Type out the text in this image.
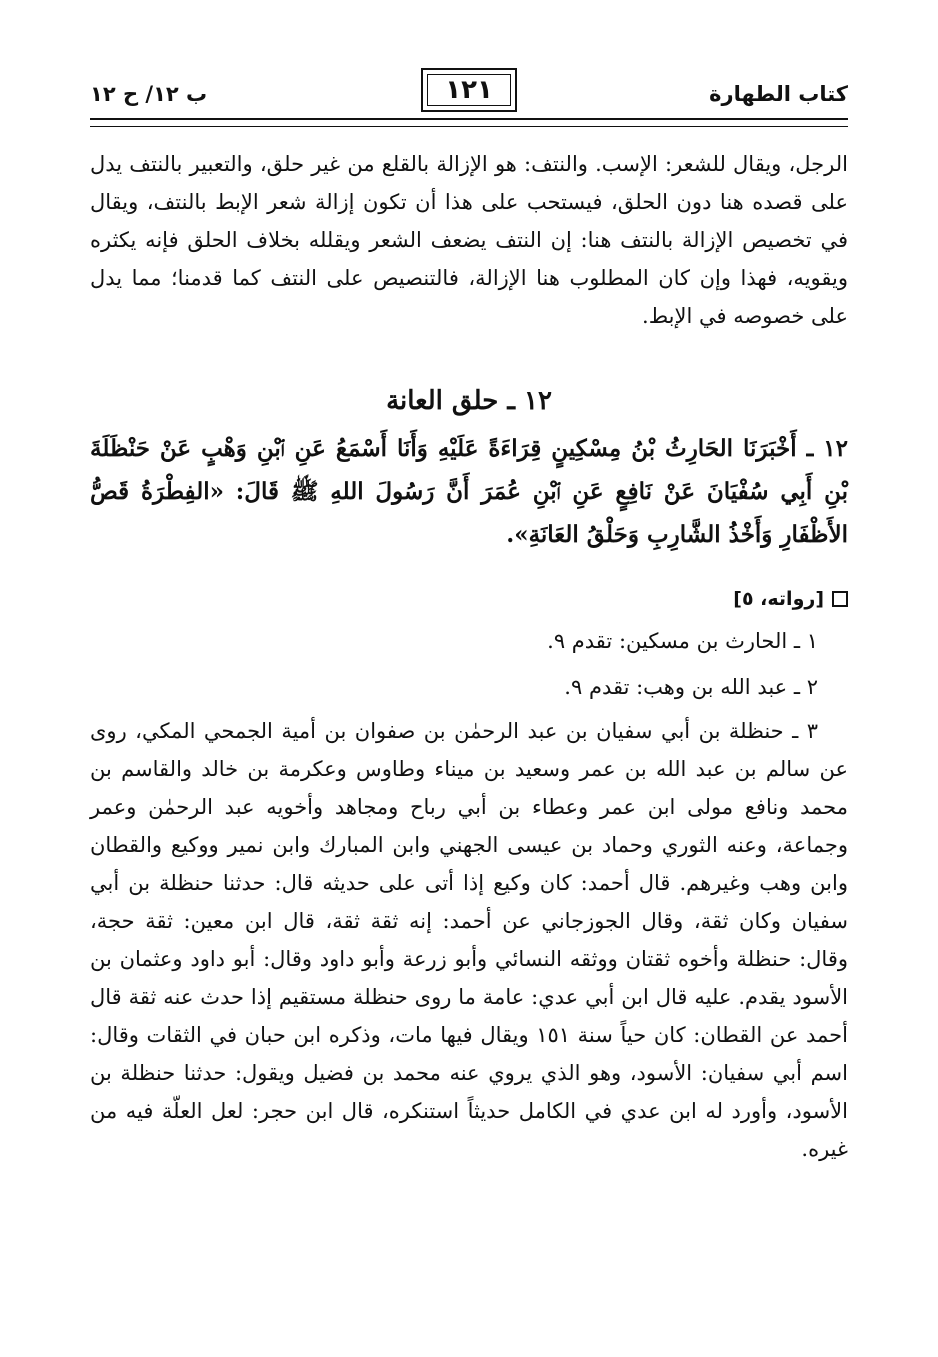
كتاب الطهارة
١٢١
ب ١٢/ ح ١٢

الرجل، ويقال للشعر: الإسب. والنتف: هو الإزالة بالقلع من غير حلق، والتعبير بالنتف يدل على قصده هنا دون الحلق، فيستحب على هذا أن تكون إزالة شعر الإبط بالنتف، ويقال في تخصيص الإزالة بالنتف هنا: إن النتف يضعف الشعر ويقلله بخلاف الحلق فإنه يكثره ويقويه، فهذا وإن كان المطلوب هنا الإزالة، فالتنصيص على النتف كما قدمنا؛ مما يدل على خصوصه في الإبط.

١٢ ـ حلق العانة

١٢ ـ أَخْبَرَنَا الحَارِثُ بْنُ مِسْكِينٍ قِرَاءَةً عَلَيْهِ وَأَنَا أَسْمَعُ عَنِ ٱبْنِ وَهْبٍ عَنْ حَنْظَلَةَ بْنِ أَبِي سُفْيَانَ عَنْ نَافِعٍ عَنِ ٱبْنِ عُمَرَ أَنَّ رَسُولَ اللهِ ﷺ قَالَ: «الفِطْرَةُ قَصُّ الأَظْفَارِ وَأَخْذُ الشَّارِبِ وَحَلْقُ العَانَةِ».

[رواته، ٥]

١ ـ الحارث بن مسكين: تقدم ٩.

٢ ـ عبد الله بن وهب: تقدم ٩.

٣ ـ حنظلة بن أبي سفيان بن عبد الرحمٰن بن صفوان بن أمية الجمحي المكي، روى عن سالم بن عبد الله بن عمر وسعيد بن ميناء وطاوس وعكرمة بن خالد والقاسم بن محمد ونافع مولى ابن عمر وعطاء بن أبي رباح ومجاهد وأخويه عبد الرحمٰن وعمر وجماعة، وعنه الثوري وحماد بن عيسى الجهني وابن المبارك وابن نمير ووكيع والقطان وابن وهب وغيرهم. قال أحمد: كان وكيع إذا أتى على حديثه قال: حدثنا حنظلة بن أبي سفيان وكان ثقة، وقال الجوزجاني عن أحمد: إنه ثقة ثقة، قال ابن معين: ثقة حجة، وقال: حنظلة وأخوه ثقتان ووثقه النسائي وأبو زرعة وأبو داود وقال: أبو داود وعثمان بن الأسود يقدم. عليه قال ابن أبي عدي: عامة ما روى حنظلة مستقيم إذا حدث عنه ثقة قال أحمد عن القطان: كان حياً سنة ١٥١ ويقال فيها مات، وذكره ابن حبان في الثقات وقال: اسم أبي سفيان: الأسود، وهو الذي يروي عنه محمد بن فضيل ويقول: حدثنا حنظلة بن الأسود، وأورد له ابن عدي في الكامل حديثاً استنكره، قال ابن حجر: لعل العلّة فيه من غيره.
